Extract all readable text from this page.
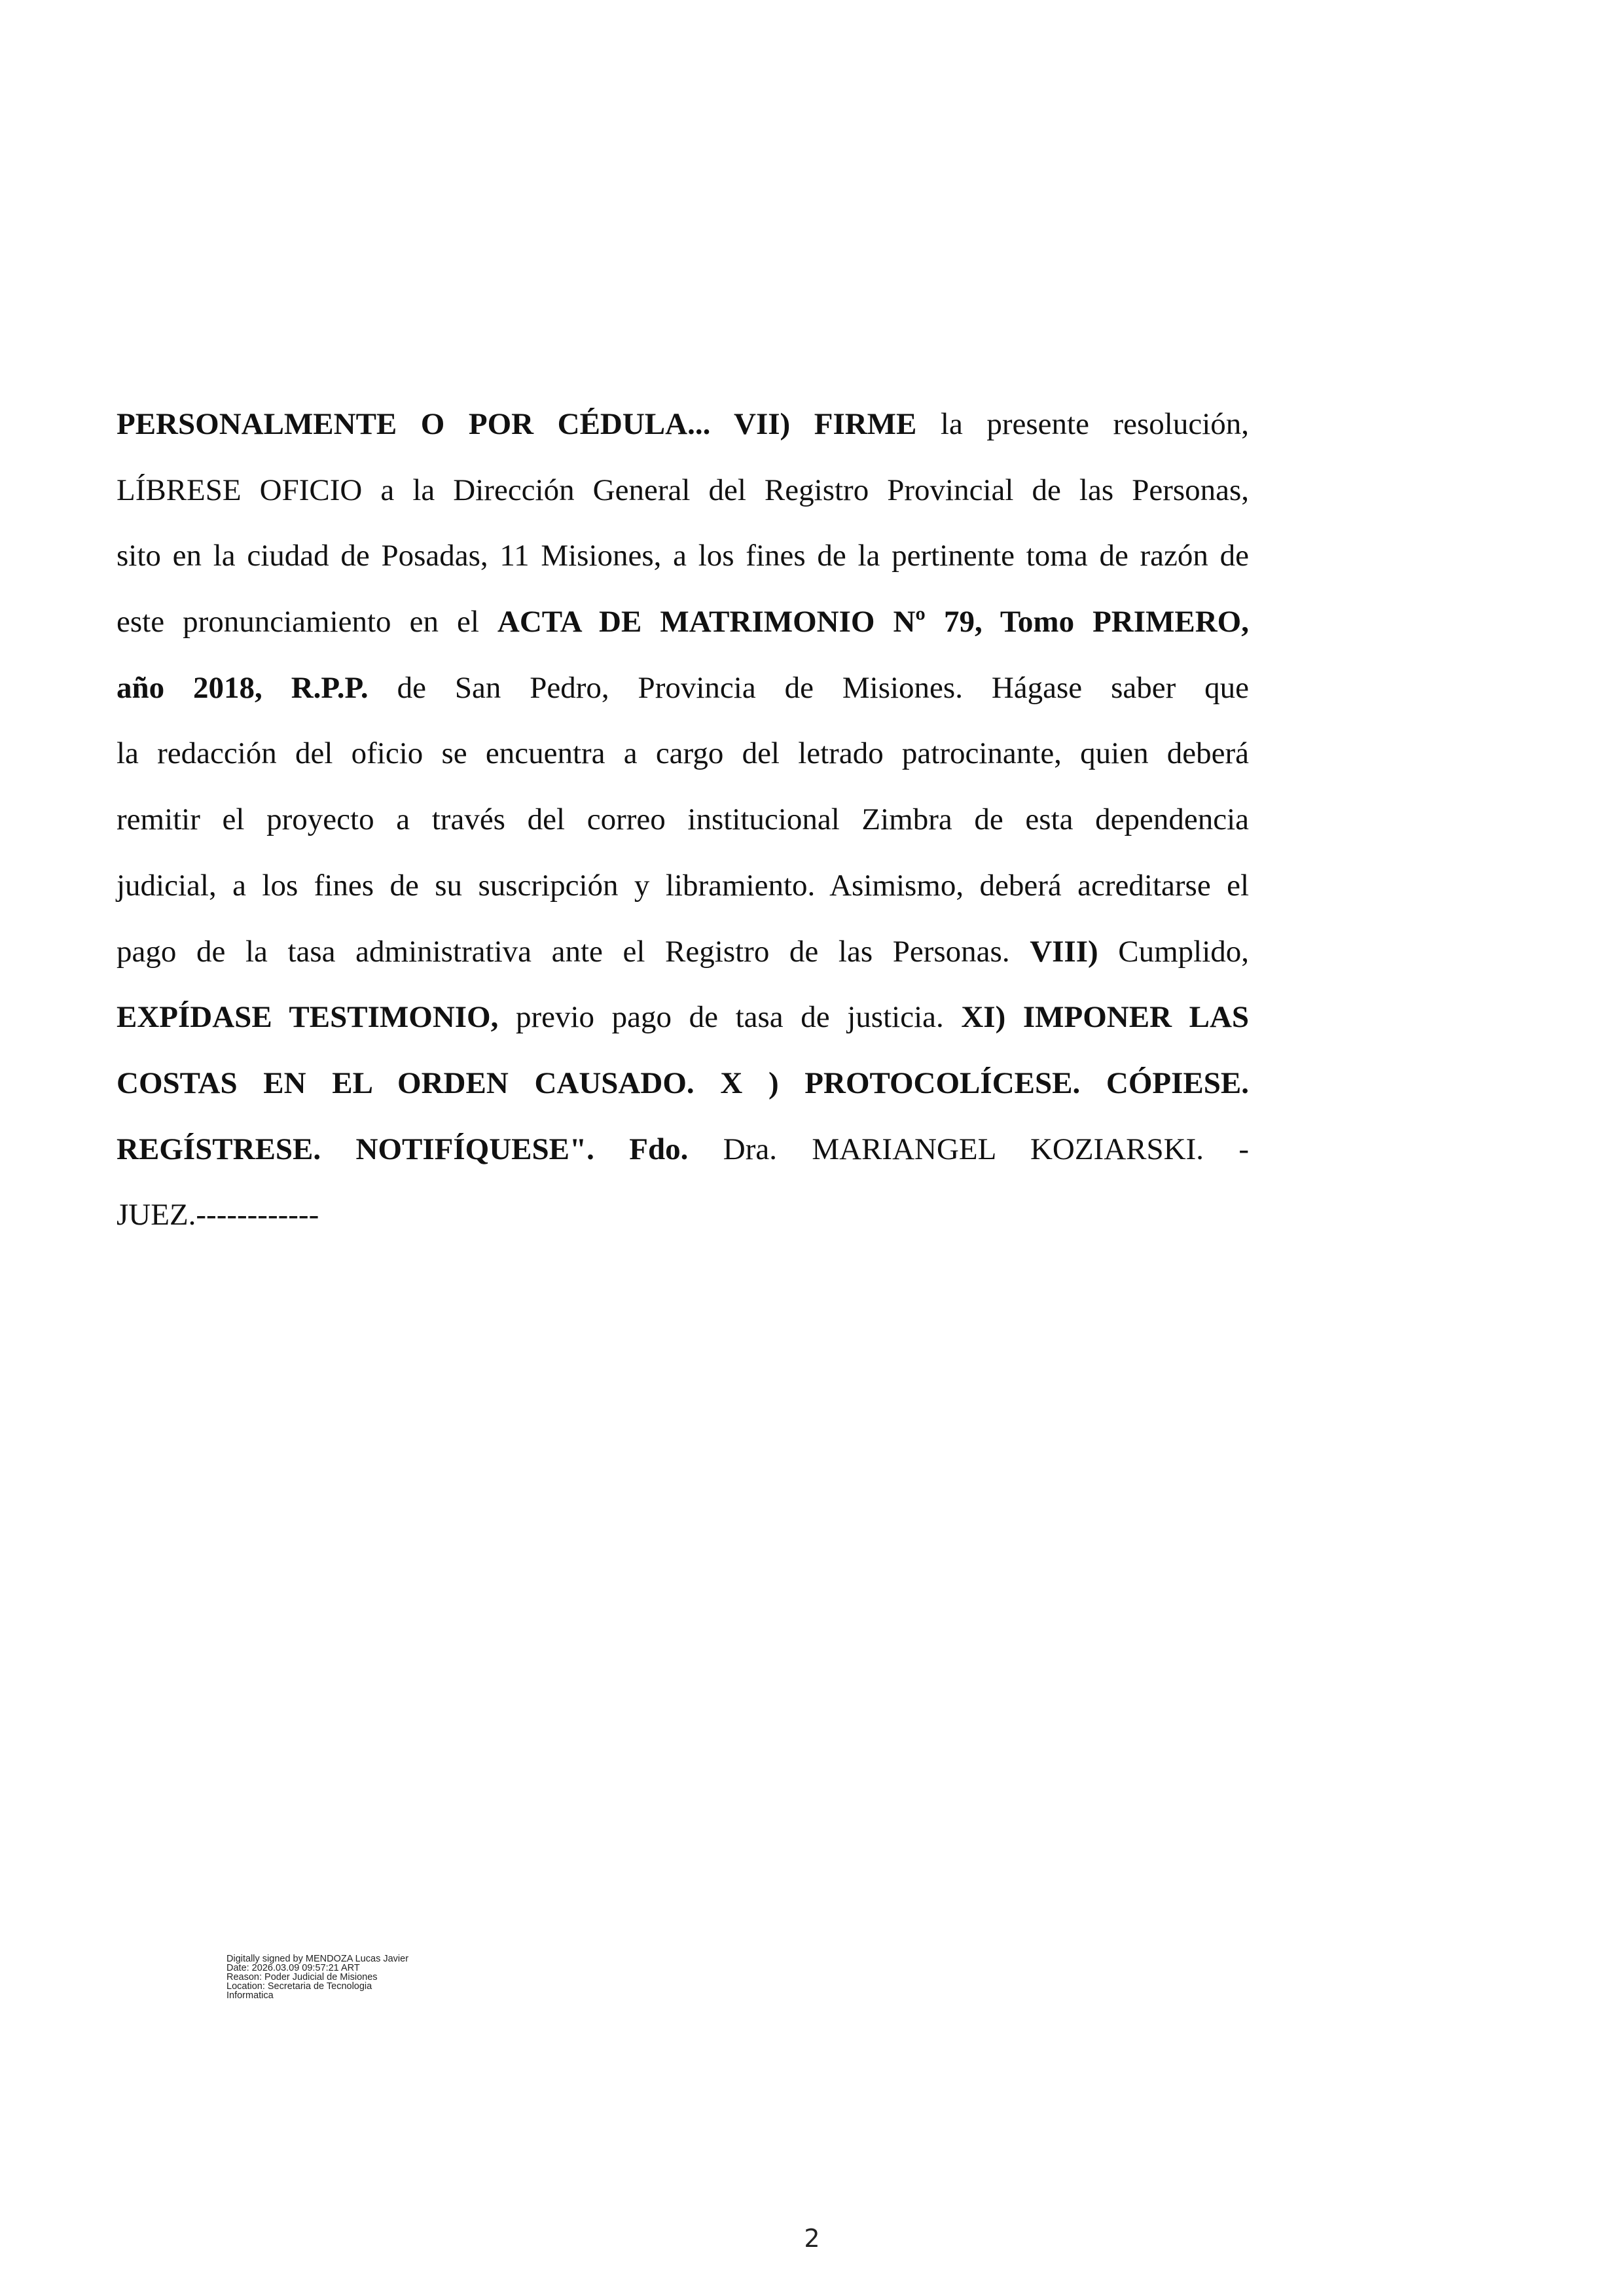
PERSONALMENTE O POR CÉDULA... VII) FIRME la presente resolución,
LÍBRESE OFICIO a la Dirección General del Registro Provincial de las Personas,
sito en la ciudad de Posadas, 11 Misiones, a los fines de la pertinente toma de razón de
este pronunciamiento en el ACTA DE MATRIMONIO Nº 79, Tomo PRIMERO,
año 2018, R.P.P. de San Pedro, Provincia de Misiones. Hágase saber que
la redacción del oficio se encuentra a cargo del letrado patrocinante, quien deberá
remitir el proyecto a través del correo institucional Zimbra de esta dependencia
judicial, a los fines de su suscripción y libramiento. Asimismo, deberá acreditarse el
pago de la tasa administrativa ante el Registro de las Personas. VIII) Cumplido,
EXPÍDASE TESTIMONIO, previo pago de tasa de justicia. XI) IMPONER LAS
COSTAS EN EL ORDEN CAUSADO. X ) PROTOCOLÍCESE. CÓPIESE.
REGÍSTRESE. NOTIFÍQUESE". Fdo. Dra. MARIANGEL KOZIARSKI. -
JUEZ.------------
Digitally signed by MENDOZA Lucas Javier
Date: 2026.03.09 09:57:21 ART
Reason: Poder Judicial de Misiones
Location: Secretaria de Tecnologia
Informatica
2
